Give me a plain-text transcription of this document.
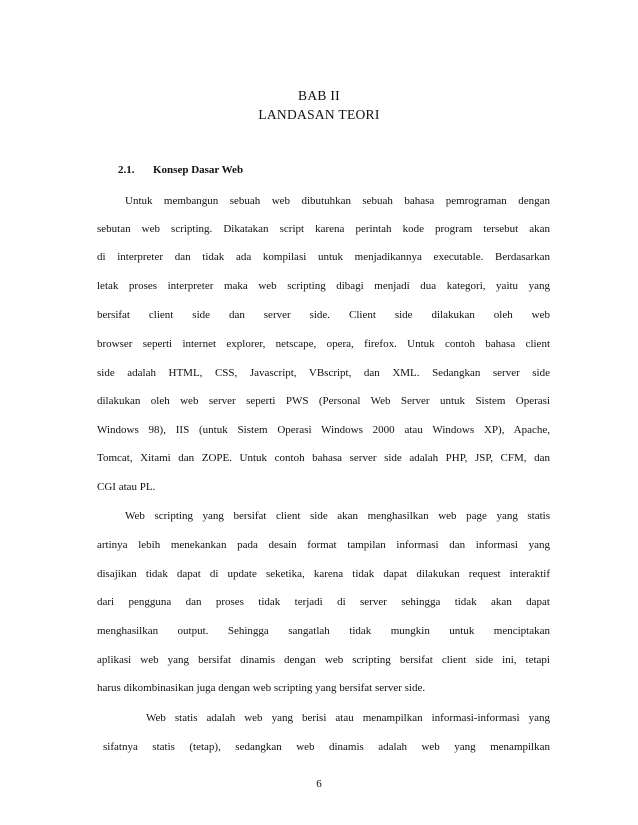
BAB II
LANDASAN TEORI
2.1. Konsep Dasar Web
Untuk membangun sebuah web dibutuhkan sebuah bahasa pemrograman dengan
sebutan web scripting. Dikatakan script karena perintah kode program tersebut akan
di interpreter dan tidak ada kompilasi untuk menjadikannya executable. Berdasarkan
letak proses interpreter maka web scripting dibagi menjadi dua kategori, yaitu yang
bersifat client side dan server side. Client side dilakukan oleh web
browser seperti internet explorer, netscape, opera, firefox. Untuk contoh bahasa client
side adalah HTML, CSS, Javascript, VBscript, dan XML. Sedangkan server side
dilakukan oleh web server seperti PWS (Personal Web Server untuk Sistem Operasi
Windows 98), IIS (untuk Sistem Operasi Windows 2000 atau Windows XP), Apache,
Tomcat, Xitami dan ZOPE. Untuk contoh bahasa server side adalah PHP, JSP, CFM, dan
CGI atau PL.
Web scripting yang bersifat client side akan menghasilkan web page yang statis
artinya lebih menekankan pada desain format tampilan informasi dan informasi yang
disajikan tidak dapat di update seketika, karena tidak dapat dilakukan request interaktif
dari pengguna dan proses tidak terjadi di server sehingga tidak akan dapat
menghasilkan output. Sehingga sangatlah tidak mungkin untuk menciptakan
aplikasi web yang bersifat dinamis dengan web scripting bersifat client side ini, tetapi
harus dikombinasikan juga dengan web scripting yang bersifat server side.
Web statis adalah web yang berisi atau menampilkan informasi-informasi yang
sifatnya statis (tetap), sedangkan web dinamis adalah web yang menampilkan
6
